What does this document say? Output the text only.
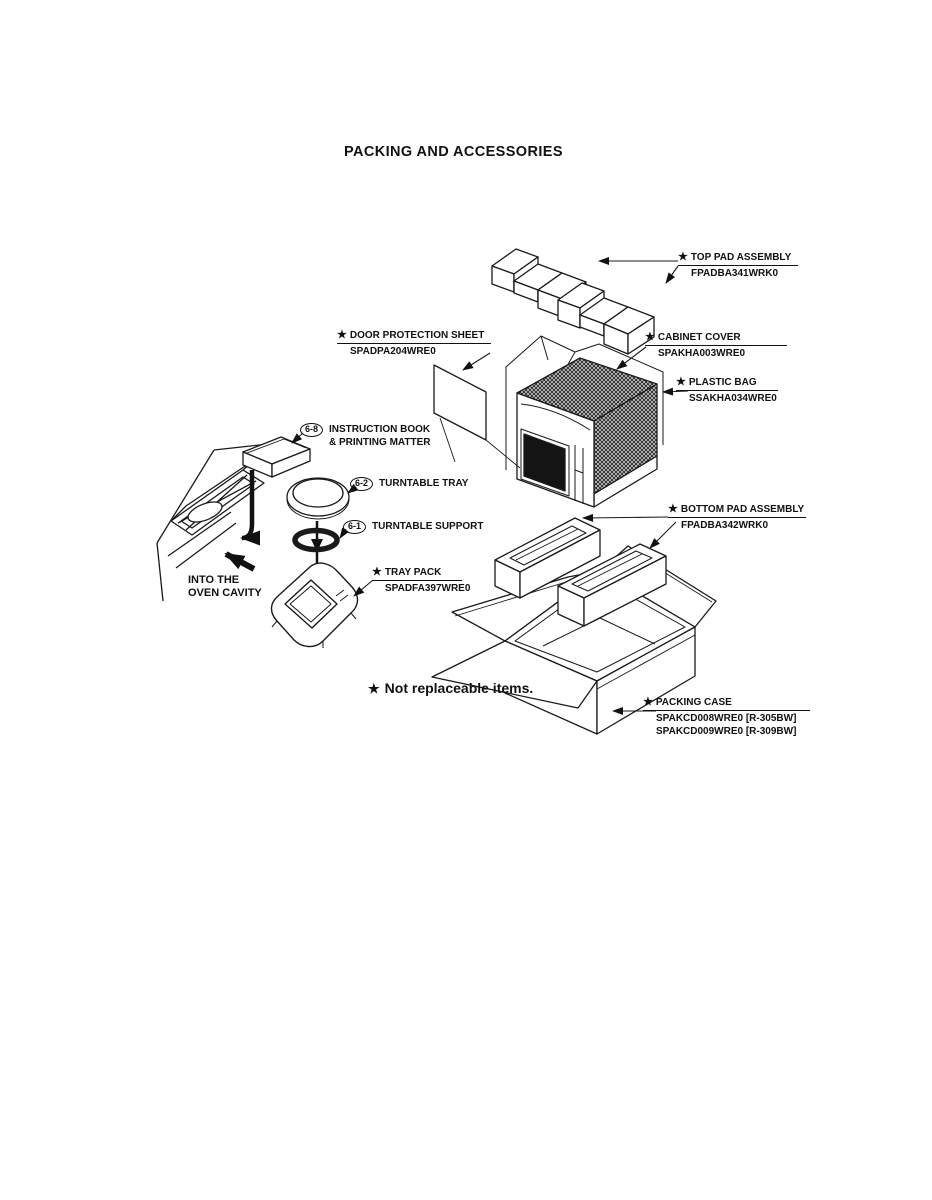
PACKING AND ACCESSORIES
★ TOP PAD ASSEMBLY
FPADBA341WRK0
★ CABINET COVER
SPAKHA003WRE0
★ PLASTIC BAG
SSAKHA034WRE0
★ DOOR PROTECTION SHEET
SPADPA204WRE0
★ TRAY PACK
SPADFA397WRE0
★ BOTTOM PAD ASSEMBLY
FPADBA342WRK0
★ PACKING CASE
SPAKCD008WRE0 [R-305BW]
SPAKCD009WRE0 [R-309BW]
6-8	INSTRUCTION BOOK
& PRINTING MATTER
6-2	TURNTABLE TRAY
6-1	TURNTABLE SUPPORT
INTO THE
OVEN CAVITY
★ Not replaceable items.
